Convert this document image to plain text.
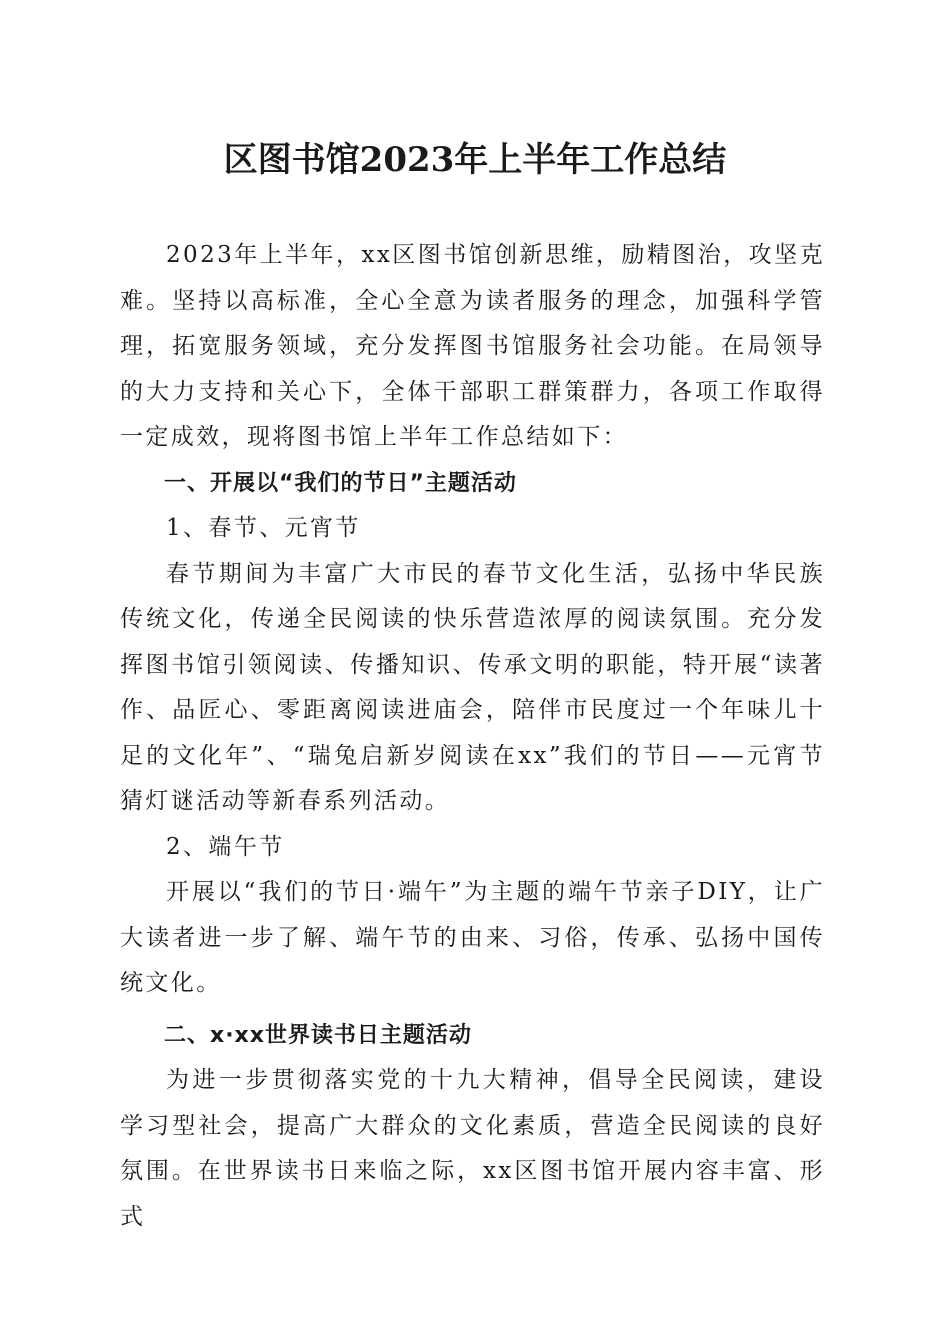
区图书馆2023年上半年工作总结

2023年上半年，xx区图书馆创新思维，励精图治，攻坚克难。坚持以高标准，全心全意为读者服务的理念，加强科学管理，拓宽服务领域，充分发挥图书馆服务社会功能。在局领导的大力支持和关心下，全体干部职工群策群力，各项工作取得一定成效，现将图书馆上半年工作总结如下：

一、开展以“我们的节日”主题活动

1、春节、元宵节

春节期间为丰富广大市民的春节文化生活，弘扬中华民族传统文化，传递全民阅读的快乐营造浓厚的阅读氛围。充分发挥图书馆引领阅读、传播知识、传承文明的职能，特开展“读著作、品匠心、零距离阅读进庙会，陪伴市民度过一个年味儿十足的文化年”、“瑞兔启新岁阅读在xx”我们的节日——元宵节猜灯谜活动等新春系列活动。

2、端午节

开展以“我们的节日·端午”为主题的端午节亲子DIY，让广大读者进一步了解、端午节的由来、习俗，传承、弘扬中国传统文化。

二、x·xx世界读书日主题活动

为进一步贯彻落实党的十九大精神，倡导全民阅读，建设学习型社会，提高广大群众的文化素质，营造全民阅读的良好氛围。在世界读书日来临之际，xx区图书馆开展内容丰富、形式
